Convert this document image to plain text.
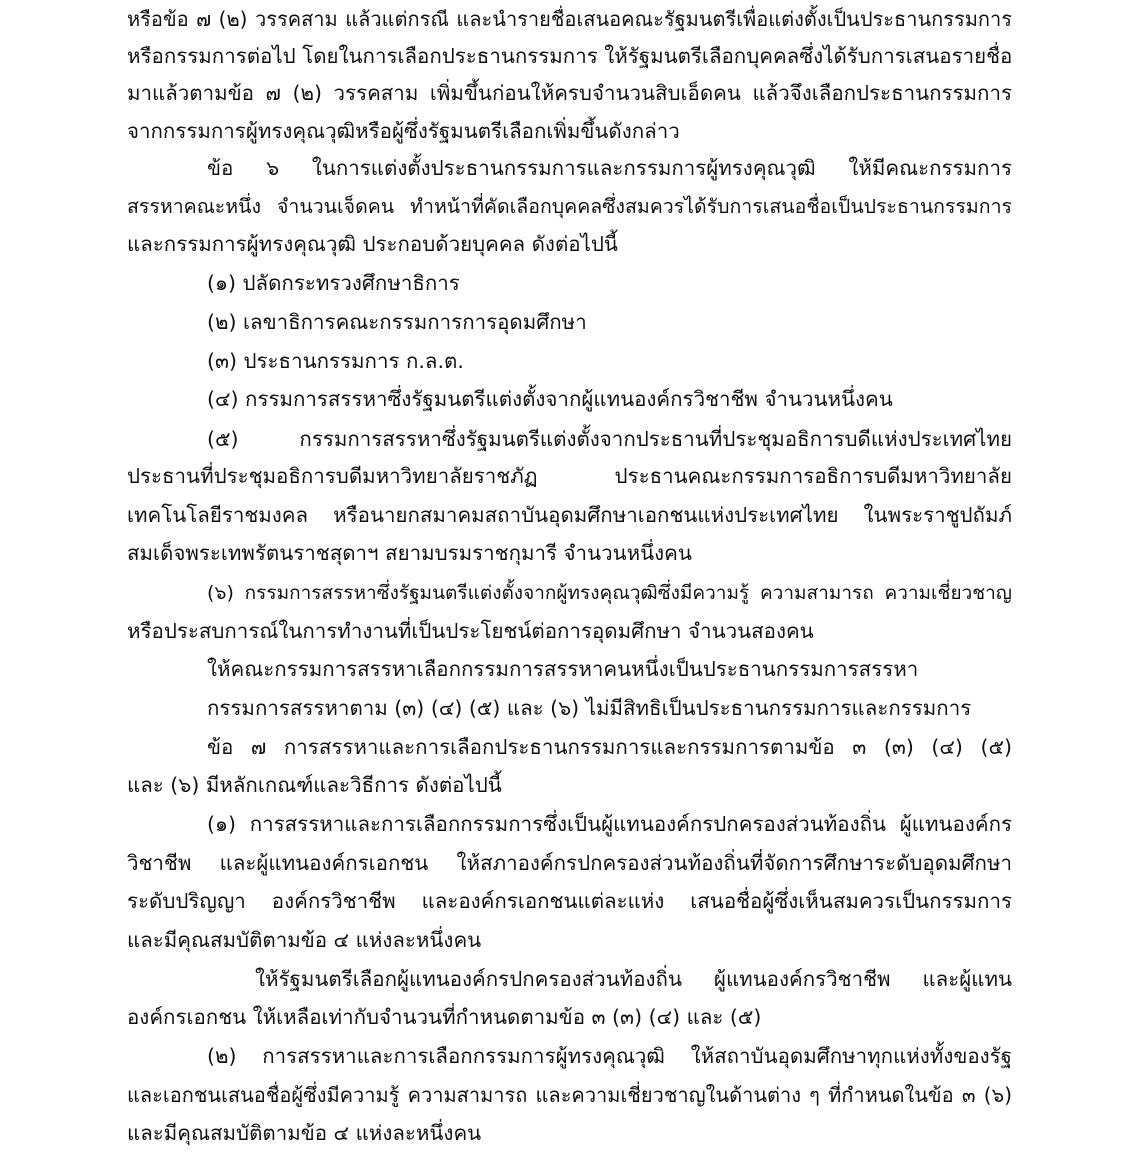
หรือข้อ ๗ (๒) วรรคสาม แล้วแต่กรณี และนำรายชื่อเสนอคณะรัฐมนตรีเพื่อแต่งตั้งเป็นประธานกรรมการ
หรือกรรมการต่อไป โดยในการเลือกประธานกรรมการ ให้รัฐมนตรีเลือกบุคคลซึ่งได้รับการเสนอรายชื่อ
มาแล้วตามข้อ ๗ (๒) วรรคสาม เพิ่มขึ้นก่อนให้ครบจำนวนสิบเอ็ดคน แล้วจึงเลือกประธานกรรมการ
จากกรรมการผู้ทรงคุณวุฒิหรือผู้ซึ่งรัฐมนตรีเลือกเพิ่มขึ้นดังกล่าว
ข้อ ๖ ในการแต่งตั้งประธานกรรมการและกรรมการผู้ทรงคุณวุฒิ ให้มีคณะกรรมการ
สรรหาคณะหนึ่ง จำนวนเจ็ดคน ทำหน้าที่คัดเลือกบุคคลซึ่งสมควรได้รับการเสนอชื่อเป็นประธานกรรมการ
และกรรมการผู้ทรงคุณวุฒิ ประกอบด้วยบุคคล ดังต่อไปนี้
(๑) ปลัดกระทรวงศึกษาธิการ
(๒) เลขาธิการคณะกรรมการการอุดมศึกษา
(๓) ประธานกรรมการ ก.ล.ต.
(๔) กรรมการสรรหาซึ่งรัฐมนตรีแต่งตั้งจากผู้แทนองค์กรวิชาชีพ จำนวนหนึ่งคน
(๕) กรรมการสรรหาซึ่งรัฐมนตรีแต่งตั้งจากประธานที่ประชุมอธิการบดีแห่งประเทศไทย
ประธานที่ประชุมอธิการบดีมหาวิทยาลัยราชภัฏ ประธานคณะกรรมการอธิการบดีมหาวิทยาลัย
เทคโนโลยีราชมงคล หรือนายกสมาคมสถาบันอุดมศึกษาเอกชนแห่งประเทศไทย ในพระราชูปถัมภ์
สมเด็จพระเทพรัตนราชสุดาฯ สยามบรมราชกุมารี จำนวนหนึ่งคน
(๖) กรรมการสรรหาซึ่งรัฐมนตรีแต่งตั้งจากผู้ทรงคุณวุฒิซึ่งมีความรู้ ความสามารถ ความเชี่ยวชาญ
หรือประสบการณ์ในการทำงานที่เป็นประโยชน์ต่อการอุดมศึกษา จำนวนสองคน
ให้คณะกรรมการสรรหาเลือกกรรมการสรรหาคนหนึ่งเป็นประธานกรรมการสรรหา
กรรมการสรรหาตาม (๓) (๔) (๕) และ (๖) ไม่มีสิทธิเป็นประธานกรรมการและกรรมการ
ข้อ ๗ การสรรหาและการเลือกประธานกรรมการและกรรมการตามข้อ ๓ (๓) (๔) (๕)
และ (๖) มีหลักเกณฑ์และวิธีการ ดังต่อไปนี้
(๑) การสรรหาและการเลือกกรรมการซึ่งเป็นผู้แทนองค์กรปกครองส่วนท้องถิ่น ผู้แทนองค์กร
วิชาชีพ และผู้แทนองค์กรเอกชน ให้สภาองค์กรปกครองส่วนท้องถิ่นที่จัดการศึกษาระดับอุดมศึกษา
ระดับปริญญา องค์กรวิชาชีพ และองค์กรเอกชนแต่ละแห่ง เสนอชื่อผู้ซึ่งเห็นสมควรเป็นกรรมการ
และมีคุณสมบัติตามข้อ ๔ แห่งละหนึ่งคน
ให้รัฐมนตรีเลือกผู้แทนองค์กรปกครองส่วนท้องถิ่น ผู้แทนองค์กรวิชาชีพ และผู้แทน
องค์กรเอกชน ให้เหลือเท่ากับจำนวนที่กำหนดตามข้อ ๓ (๓) (๔) และ (๕)
(๒) การสรรหาและการเลือกกรรมการผู้ทรงคุณวุฒิ ให้สถาบันอุดมศึกษาทุกแห่งทั้งของรัฐ
และเอกชนเสนอชื่อผู้ซึ่งมีความรู้ ความสามารถ และความเชี่ยวชาญในด้านต่าง ๆ ที่กำหนดในข้อ ๓ (๖)
และมีคุณสมบัติตามข้อ ๔ แห่งละหนึ่งคน
